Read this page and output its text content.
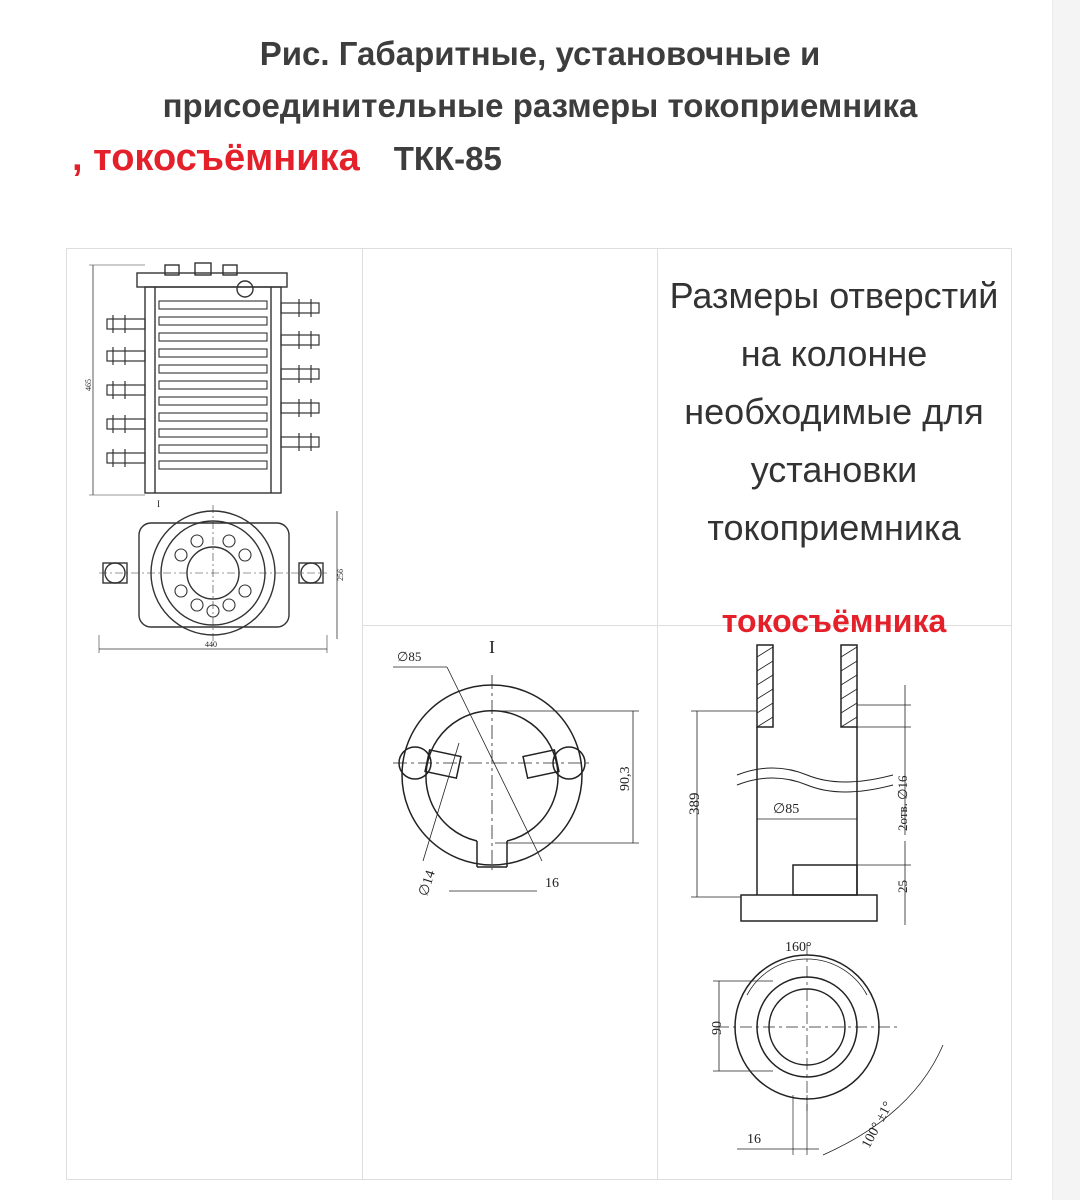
Рис. Габаритные, установочные и
присоединительные размеры токоприемника
, токосъёмника ТКК-85
Размеры отверстий на колонне необходимые для установки токоприемника
токосъёмника
465
256
440
I
I
∅85
90,3
∅14	16
389	∅85	2отв. ∅16
25
160°
90
16	100° ±1°
